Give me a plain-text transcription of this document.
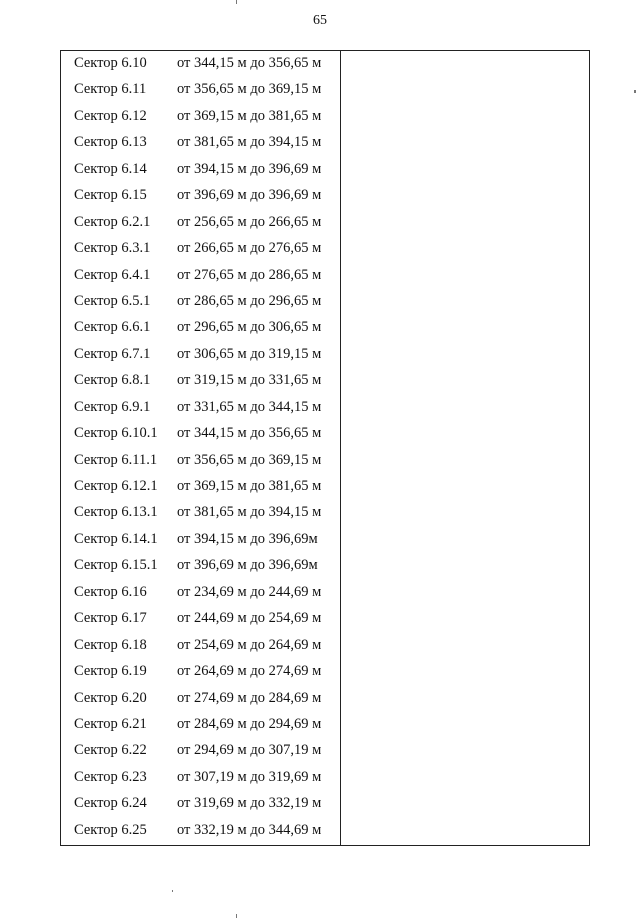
65
Сектор 6.10 от 344,15 м до 356,65 м
Сектор 6.11 от 356,65 м до 369,15 м
Сектор 6.12 от 369,15 м до 381,65 м
Сектор 6.13 от 381,65 м до 394,15 м
Сектор 6.14 от 394,15 м до 396,69 м
Сектор 6.15 от 396,69 м до 396,69 м
Сектор 6.2.1 от 256,65 м до 266,65 м
Сектор 6.3.1 от 266,65 м до 276,65 м
Сектор 6.4.1 от 276,65 м до 286,65 м
Сектор 6.5.1 от 286,65 м до 296,65 м
Сектор 6.6.1 от 296,65 м до 306,65 м
Сектор 6.7.1 от 306,65 м до 319,15 м
Сектор 6.8.1 от 319,15 м до 331,65 м
Сектор 6.9.1 от 331,65 м до 344,15 м
Сектор 6.10.1 от 344,15 м до 356,65 м
Сектор 6.11.1 от 356,65 м до 369,15 м
Сектор 6.12.1 от 369,15 м до 381,65 м
Сектор 6.13.1 от 381,65 м до 394,15 м
Сектор 6.14.1 от 394,15 м до 396,69м
Сектор 6.15.1 от 396,69 м до 396,69м
Сектор 6.16 от 234,69 м до 244,69 м
Сектор 6.17 от 244,69 м до 254,69 м
Сектор 6.18 от 254,69 м до 264,69 м
Сектор 6.19 от 264,69 м до 274,69 м
Сектор 6.20 от 274,69 м до 284,69 м
Сектор 6.21 от 284,69 м до 294,69 м
Сектор 6.22 от 294,69 м до 307,19 м
Сектор 6.23 от 307,19 м до 319,69 м
Сектор 6.24 от 319,69 м до 332,19 м
Сектор 6.25 от 332,19 м до 344,69 м
